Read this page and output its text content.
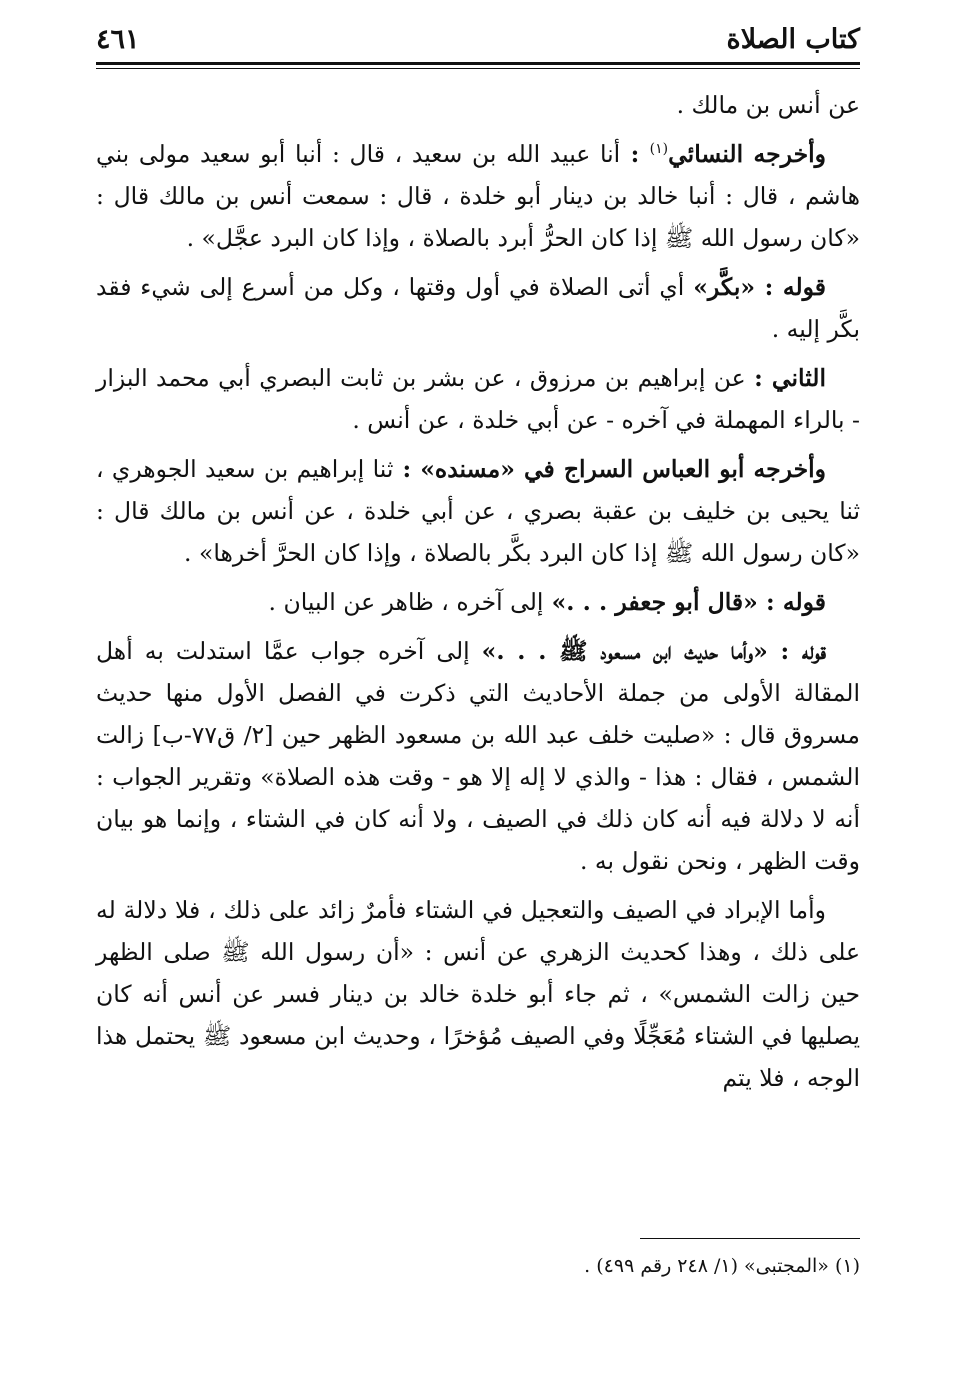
كتاب الصلاة
٤٦١

عن أنس بن مالك .

وأخرجه النسائي$^{(١)}$ : أنا عبيد الله بن سعيد ، قال : أنبا أبو سعيد مولى بني هاشم ، قال : أنبا خالد بن دينار أبو خلدة ، قال : سمعت أنس بن مالك قال : «كان رسول الله ﷺ إذا كان الحرُّ أبرد بالصلاة ، وإذا كان البرد عجَّل» .

قوله : «بكَّر» أي أتى الصلاة في أول وقتها ، وكل من أسرع إلى شيء فقد بكَّر إليه .

الثاني : عن إبراهيم بن مرزوق ، عن بشر بن ثابت البصري أبي محمد البزار - بالراء المهملة في آخره - عن أبي خلدة ، عن أنس .

وأخرجه أبو العباس السراج في «مسنده» : ثنا إبراهيم بن سعيد الجوهري ، ثنا يحيى بن خليف بن عقبة بصري ، عن أبي خلدة ، عن أنس بن مالك قال : «كان رسول الله ﷺ إذا كان البرد بكَّر بالصلاة ، وإذا كان الحرَّ أخرها» .

قوله : «قال أبو جعفر . . .» إلى آخره ، ظاهر عن البيان .

قوله : «وأما حديث ابن مسعود ﷺ . . .» إلى آخره جواب عمَّا استدلت به أهل المقالة الأولى من جملة الأحاديث التي ذكرت في الفصل الأول منها حديث مسروق قال : «صليت خلف عبد الله بن مسعود الظهر حين [٢/ ق٧٧-ب] زالت الشمس ، فقال : هذا - والذي لا إله إلا هو - وقت هذه الصلاة» وتقرير الجواب : أنه لا دلالة فيه أنه كان ذلك في الصيف ، ولا أنه كان في الشتاء ، وإنما هو بيان وقت الظهر ، ونحن نقول به .

وأما الإبراد في الصيف والتعجيل في الشتاء فأمرٌ زائد على ذلك ، فلا دلالة له على ذلك ، وهذا كحديث الزهري عن أنس : «أن رسول الله ﷺ صلى الظهر حين زالت الشمس» ، ثم جاء أبو خلدة خالد بن دينار فسر عن أنس أنه كان يصليها في الشتاء مُعَجِّلًا وفي الصيف مُؤخرًا ، وحديث ابن مسعود ﷺ يحتمل هذا الوجه ، فلا يتم

(١) «المجتبى» (١/ ٢٤٨ رقم ٤٩٩) .
